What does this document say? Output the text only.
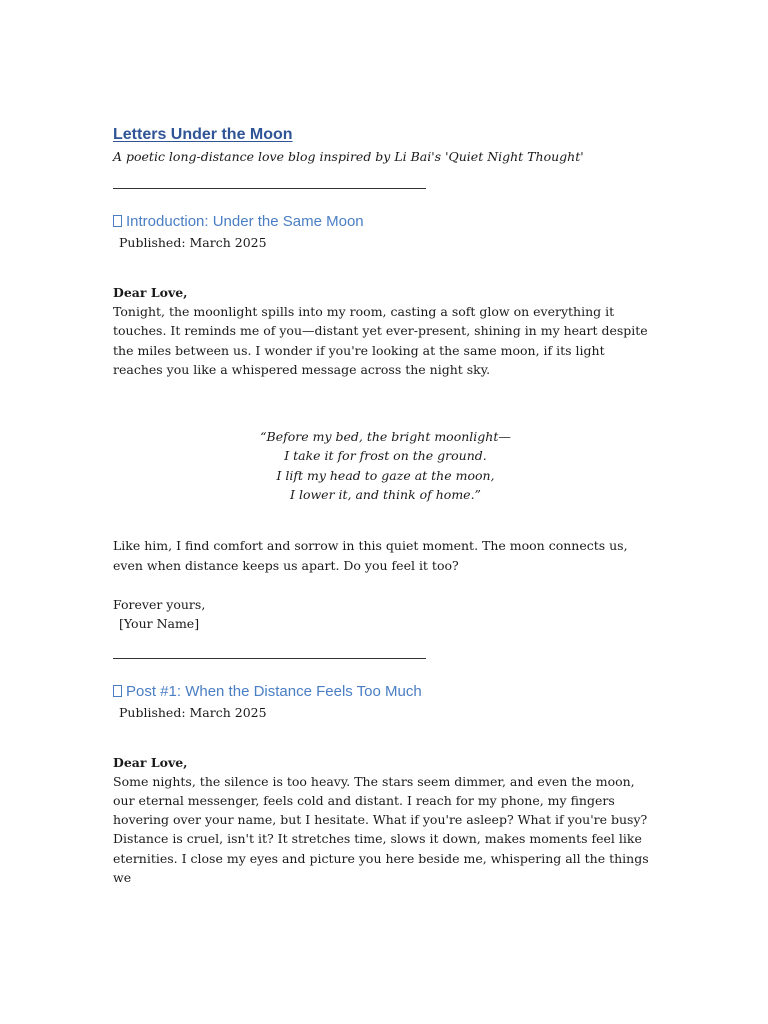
Letters Under the Moon
A poetic long-distance love blog inspired by Li Bai's 'Quiet Night Thought'
Introduction: Under the Same Moon
Published: March 2025
Dear Love,

Tonight, the moonlight spills into my room, casting a soft glow on everything it touches. It reminds me of you—distant yet ever-present, shining in my heart despite the miles between us. I wonder if you're looking at the same moon, if its light reaches you like a whispered message across the night sky.

“Before my bed, the bright moonlight—
I take it for frost on the ground.
I lift my head to gaze at the moon,
I lower it, and think of home.”

Like him, I find comfort and sorrow in this quiet moment. The moon connects us, even when distance keeps us apart. Do you feel it too?

Forever yours,
[Your Name]
Post #1: When the Distance Feels Too Much
Published: March 2025
Dear Love,

Some nights, the silence is too heavy. The stars seem dimmer, and even the moon, our eternal messenger, feels cold and distant. I reach for my phone, my fingers hovering over your name, but I hesitate. What if you're asleep? What if you're busy?

Distance is cruel, isn't it? It stretches time, slows it down, makes moments feel like eternities. I close my eyes and picture you here beside me, whispering all the things we
